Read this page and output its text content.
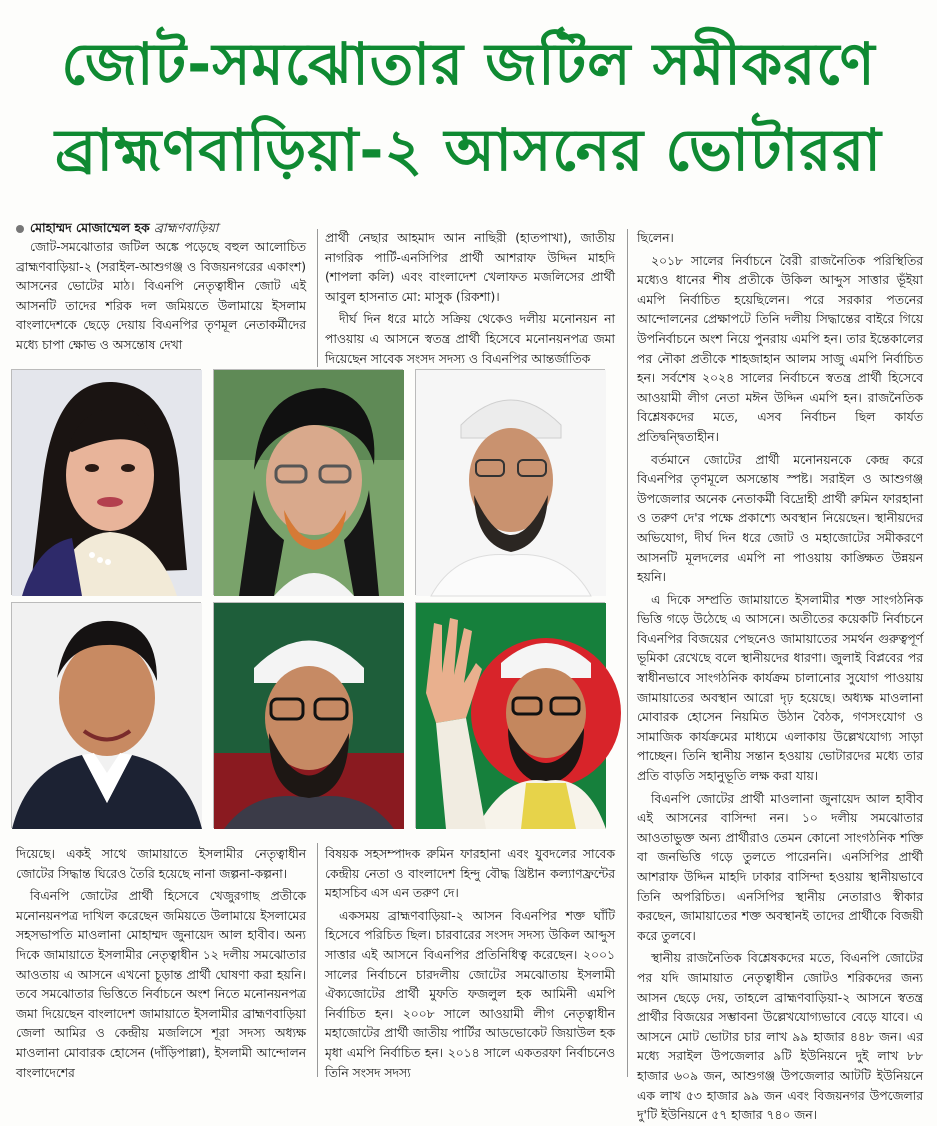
জোট-সমঝোতার জটিল সমীকরণে
ব্রাহ্মণবাড়িয়া-২ আসনের ভোটাররা
মোহাম্মদ মোজাম্মেল হক ব্রাহ্মণবাড়িয়া

জোট-সমঝোতার জটিল অঙ্কে পড়েছে বহুল আলোচিত ব্রাহ্মণবাড়িয়া-২ (সরাইল-আশুগঞ্জ ও বিজয়নগরের একাংশ) আসনের ভোটের মাঠ। বিএনপি নেতৃত্বাধীন জোট এই আসনটি তাদের শরিক দল জমিয়তে উলামায়ে ইসলাম বাংলাদেশকে ছেড়ে দেয়ায় বিএনপির তৃণমূল নেতাকর্মীদের মধ্যে চাপা ক্ষোভ ও অসন্তোষ দেখা

প্রার্থী নেছার আহমাদ আন নাছিরী (হাতপাখা), জাতীয় নাগরিক পার্টি-এনসিপির প্রার্থী আশরাফ উদ্দিন মাহদি (শাপলা কলি) এবং বাংলাদেশ খেলাফত মজলিসের প্রার্থী আবুল হাসনাত মো: মাসুক (রিকশা)।

দীর্ঘ দিন ধরে মাঠে সক্রিয় থেকেও দলীয় মনোনয়ন না পাওয়ায় এ আসনে স্বতন্ত্র প্রার্থী হিসেবে মনোনয়নপত্র জমা দিয়েছেন সাবেক সংসদ সদস্য ও বিএনপির আন্তর্জাতিক

ছিলেন।

২০১৮ সালের নির্বাচনে বৈরী রাজনৈতিক পরিস্থিতির মধ্যেও ধানের শীষ প্রতীকে উকিল আব্দুস সাত্তার ভূঁইয়া এমপি নির্বাচিত হয়েছিলেন। পরে সরকার পতনের আন্দোলনের প্রেক্ষাপটে তিনি দলীয় সিদ্ধান্তের বাইরে গিয়ে উপনির্বাচনে অংশ নিয়ে পুনরায় এমপি হন। তার ইন্তেকালের পর নৌকা প্রতীকে শাহজাহান আলম সাজু এমপি নির্বাচিত হন। সর্বশেষ ২০২৪ সালের নির্বাচনে স্বতন্ত্র প্রার্থী হিসেবে আওয়ামী লীগ নেতা মঈন উদ্দিন এমপি হন। রাজনৈতিক বিশ্লেষকদের মতে, এসব নির্বাচন ছিল কার্যত প্রতিদ্বন্দ্বিতাহীন।

বর্তমানে জোটের প্রার্থী মনোনয়নকে কেন্দ্র করে বিএনপির তৃণমূলে অসন্তোষ স্পষ্ট। সরাইল ও আশুগঞ্জ উপজেলার অনেক নেতাকর্মী বিদ্রোহী প্রার্থী রুমিন ফারহানা ও তরুণ দে'র পক্ষে প্রকাশ্যে অবস্থান নিয়েছেন। স্থানীয়দের অভিযোগ, দীর্ঘ দিন ধরে জোট ও মহাজোটের সমীকরণে আসনটি মূলদলের এমপি না পাওয়ায় কাঙ্ক্ষিত উন্নয়ন হয়নি।

এ দিকে সম্প্রতি জামায়াতে ইসলামীর শক্ত সাংগঠনিক ভিত্তি গড়ে উঠেছে এ আসনে। অতীতের কয়েকটি নির্বাচনে বিএনপির বিজয়ের পেছনেও জামায়াতের সমর্থন গুরুত্বপূর্ণ ভূমিকা রেখেছে বলে স্থানীয়দের ধারণা। জুলাই বিপ্লবের পর স্বাধীনভাবে সাংগঠনিক কার্যক্রম চালানোর সুযোগ পাওয়ায় জামায়াতের অবস্থান আরো দৃঢ় হয়েছে। অধ্যক্ষ মাওলানা মোবারক হোসেন নিয়মিত উঠান বৈঠক, গণসংযোগ ও সামাজিক কার্যক্রমের মাধ্যমে এলাকায় উল্লেখযোগ্য সাড়া পাচ্ছেন। তিনি স্থানীয় সন্তান হওয়ায় ভোটারদের মধ্যে তার প্রতি বাড়তি সহানুভূতি লক্ষ করা যায়।

বিএনপি জোটের প্রার্থী মাওলানা জুনায়েদ আল হাবীব এই আসনের বাসিন্দা নন। ১০ দলীয় সমঝোতার আওতাভুক্ত অন্য প্রার্থীরাও তেমন কোনো সাংগঠনিক শক্তি বা জনভিত্তি গড়ে তুলতে পারেননি। এনসিপির প্রার্থী আশরাফ উদ্দিন মাহদি ঢাকার বাসিন্দা হওয়ায় স্থানীয়ভাবে তিনি অপরিচিত। এনসিপির স্থানীয় নেতারাও স্বীকার করছেন, জামায়াতের শক্ত অবস্থানই তাদের প্রার্থীকে বিজয়ী করে তুলবে।

স্থানীয় রাজনৈতিক বিশ্লেষকদের মতে, বিএনপি জোটের পর যদি জামায়াত নেতৃত্বাধীন জোটও শরিকদের জন্য আসন ছেড়ে দেয়, তাহলে ব্রাহ্মণবাড়িয়া-২ আসনে স্বতন্ত্র প্রার্থীর বিজয়ের সম্ভাবনা উল্লেখযোগ্যভাবে বেড়ে যাবে। এ আসনে মোট ভোটার চার লাখ ৯৯ হাজার ৪৪৮ জন। এর মধ্যে সরাইল উপজেলার ৯টি ইউনিয়নে দুই লাখ ৮৮ হাজার ৬০৯ জন, আশুগঞ্জ উপজেলার আটটি ইউনিয়নে এক লাখ ৫৩ হাজার ৯৯ জন এবং বিজয়নগর উপজেলার দু'টি ইউনিয়নে ৫৭ হাজার ৭৪০ জন।

দিয়েছে। একই সাথে জামায়াতে ইসলামীর নেতৃত্বাধীন জোটের সিদ্ধান্ত ঘিরেও তৈরি হয়েছে নানা জল্পনা-কল্পনা।

বিএনপি জোটের প্রার্থী হিসেবে খেজুরগাছ প্রতীকে মনোনয়নপত্র দাখিল করেছেন জমিয়তে উলামায়ে ইসলামের সহসভাপতি মাওলানা মোহাম্মদ জুনায়েদ আল হাবীব। অন্য দিকে জামায়াতে ইসলামীর নেতৃত্বাধীন ১২ দলীয় সমঝোতার আওতায় এ আসনে এখনো চূড়ান্ত প্রার্থী ঘোষণা করা হয়নি। তবে সমঝোতার ভিত্তিতে নির্বাচনে অংশ নিতে মনোনয়নপত্র জমা দিয়েছেন বাংলাদেশ জামায়াতে ইসলামীর ব্রাহ্মণবাড়িয়া জেলা আমির ও কেন্দ্রীয় মজলিসে শূরা সদস্য অধ্যক্ষ মাওলানা মোবারক হোসেন (দাঁড়িপাল্লা), ইসলামী আন্দোলন বাংলাদেশের

বিষয়ক সহসম্পাদক রুমিন ফারহানা এবং যুবদলের সাবেক কেন্দ্রীয় নেতা ও বাংলাদেশ হিন্দু বৌদ্ধ খ্রিষ্টান কল্যাণফ্রন্টের মহাসচিব এস এন তরুণ দে।

একসময় ব্রাহ্মণবাড়িয়া-২ আসন বিএনপির শক্ত ঘাঁটি হিসেবে পরিচিত ছিল। চারবারের সংসদ সদস্য উকিল আব্দুস সাত্তার এই আসনে বিএনপির প্রতিনিধিত্ব করেছেন। ২০০১ সালের নির্বাচনে চারদলীয় জোটের সমঝোতায় ইসলামী ঐক্যজোটের প্রার্থী মুফতি ফজলুল হক আমিনী এমপি নির্বাচিত হন। ২০০৮ সালে আওয়ামী লীগ নেতৃত্বাধীন মহাজোটের প্রার্থী জাতীয় পার্টির আডভোকেট জিয়াউল হক মৃধা এমপি নির্বাচিত হন। ২০১৪ সালে একতরফা নির্বাচনেও তিনি সংসদ সদস্য
